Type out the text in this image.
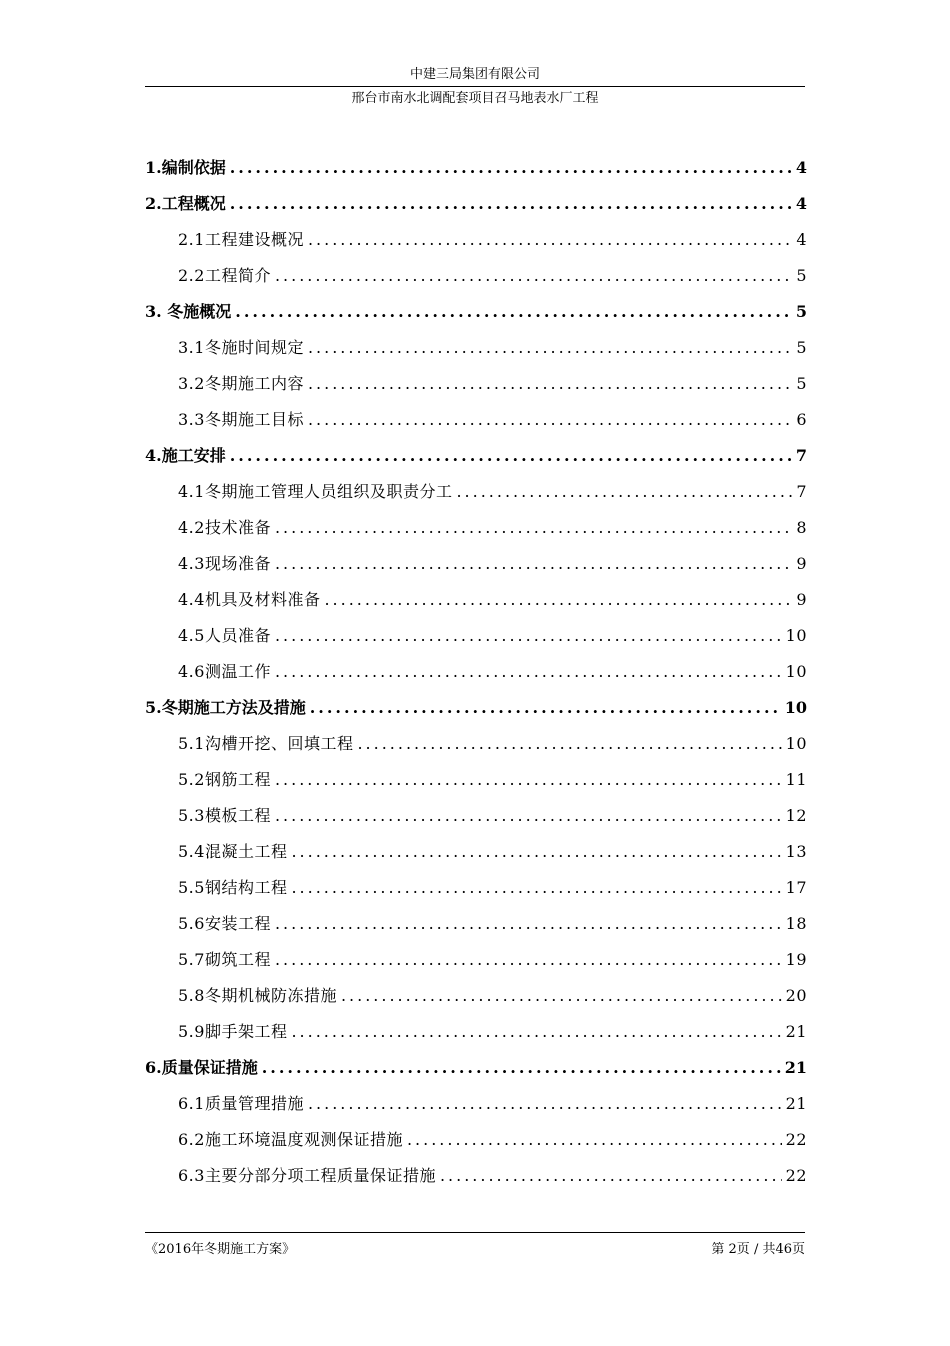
中建三局集团有限公司
邢台市南水北调配套项目召马地表水厂工程
1.编制依据 .....	4
2.工程概况 .....	4
2.1工程建设概况 .....	4
2.2工程简介 .....	5
3. 冬施概况 .....	5
3.1冬施时间规定 .....	5
3.2冬期施工内容 .....	5
3.3冬期施工目标 .....	6
4.施工安排 .....	7
4.1冬期施工管理人员组织及职责分工 .....	7
4.2技术准备 .....	8
4.3现场准备 .....	9
4.4机具及材料准备 .....	9
4.5人员准备 .....	10
4.6测温工作 .....	10
5.冬期施工方法及措施 .....	10
5.1沟槽开挖、回填工程 .....	10
5.2钢筋工程 .....	11
5.3模板工程 .....	12
5.4混凝土工程 .....	13
5.5钢结构工程 .....	17
5.6安装工程 .....	18
5.7砌筑工程 .....	19
5.8冬期机械防冻措施 .....	20
5.9脚手架工程 .....	21
6.质量保证措施 .....	21
6.1质量管理措施 .....	21
6.2施工环境温度观测保证措施 .....	22
6.3主要分部分项工程质量保证措施 .....	22
《2016年冬期施工方案》	第 2页 / 共46页
